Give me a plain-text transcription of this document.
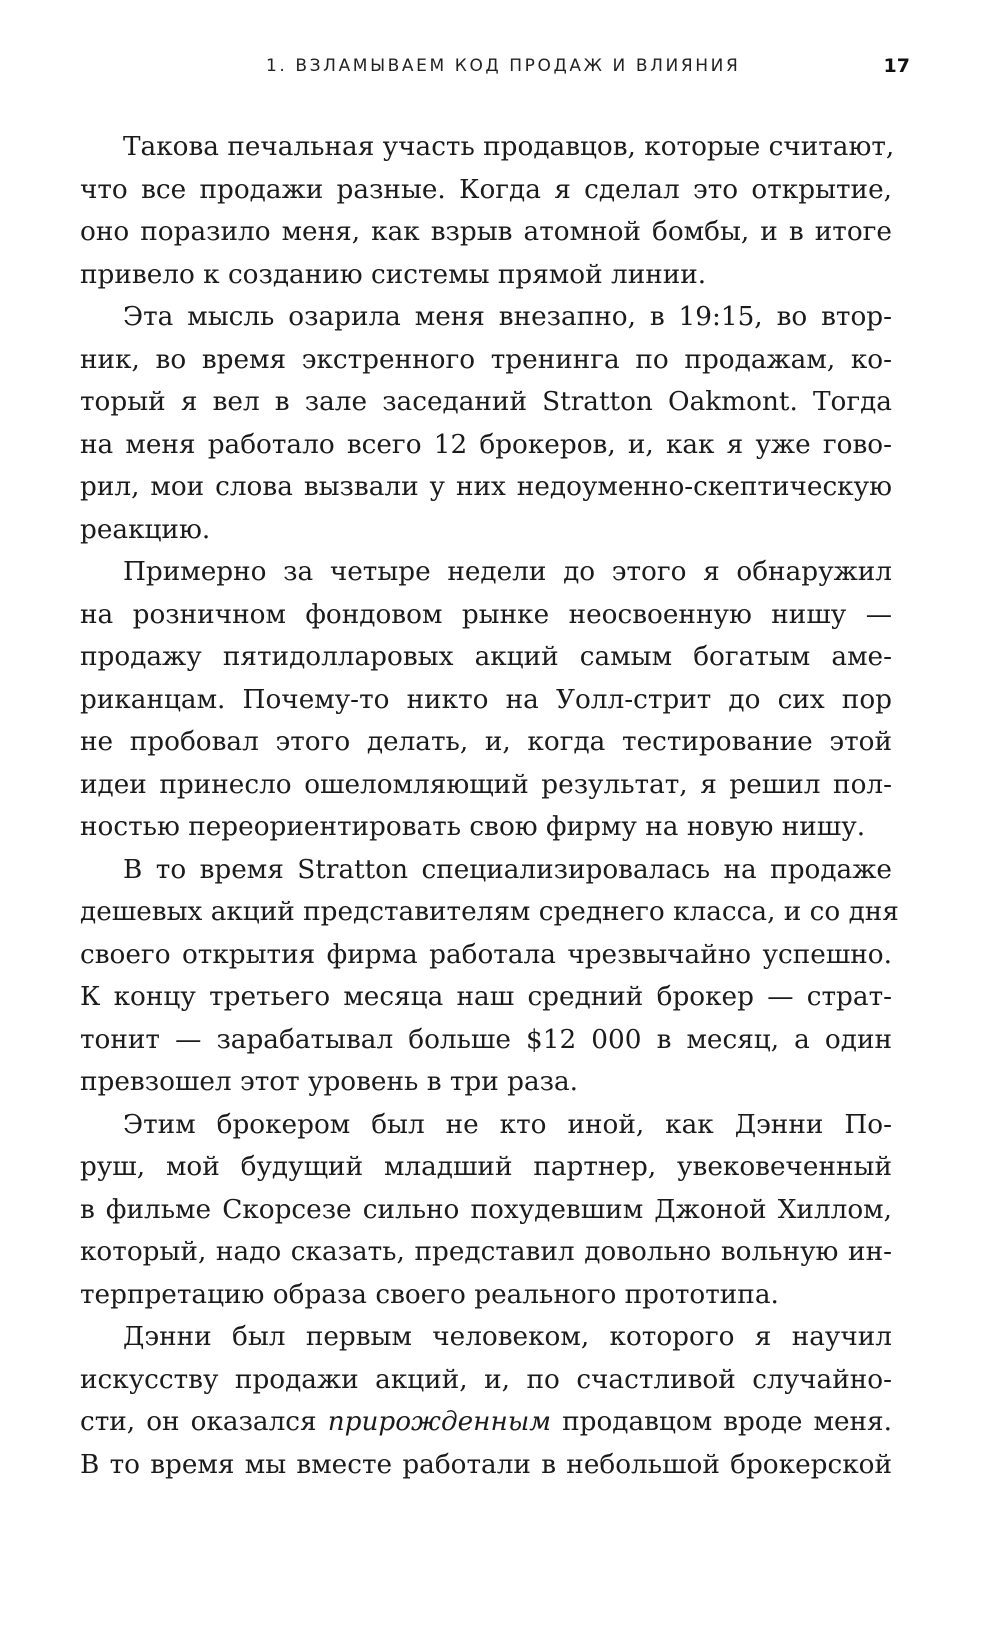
1. ВЗЛАМЫВАЕМ КОД ПРОДАЖ И ВЛИЯНИЯ	17
Такова печальная участь продавцов, которые считают,
что все продажи разные. Когда я сделал это открытие,
оно поразило меня, как взрыв атомной бомбы, и в итоге
привело к созданию системы прямой линии.
Эта мысль озарила меня внезапно, в 19:15, во втор-
ник, во время экстренного тренинга по продажам, ко-
торый я вел в зале заседаний Stratton Oakmont. Тогда
на меня работало всего 12 брокеров, и, как я уже гово-
рил, мои слова вызвали у них недоуменно-скептическую
реакцию.
Примерно за четыре недели до этого я обнаружил
на розничном фондовом рынке неосвоенную нишу —
продажу пятидолларовых акций самым богатым аме-
риканцам. Почему-то никто на Уолл-стрит до сих пор
не пробовал этого делать, и, когда тестирование этой
идеи принесло ошеломляющий результат, я решил пол-
ностью переориентировать свою фирму на новую нишу.
В то время Stratton специализировалась на продаже
дешевых акций представителям среднего класса, и со дня
своего открытия фирма работала чрезвычайно успешно.
К концу третьего месяца наш средний брокер — страт-
тонит — зарабатывал больше $12 000 в месяц, а один
превзошел этот уровень в три раза.
Этим брокером был не кто иной, как Дэнни По-
руш, мой будущий младший партнер, увековеченный
в фильме Скорсезе сильно похудевшим Джоной Хиллом,
который, надо сказать, представил довольно вольную ин-
терпретацию образа своего реального прототипа.
Дэнни был первым человеком, которого я научил
искусству продажи акций, и, по счастливой случайно-
сти, он оказался прирожденным продавцом вроде меня.
В то время мы вместе работали в небольшой брокерской
